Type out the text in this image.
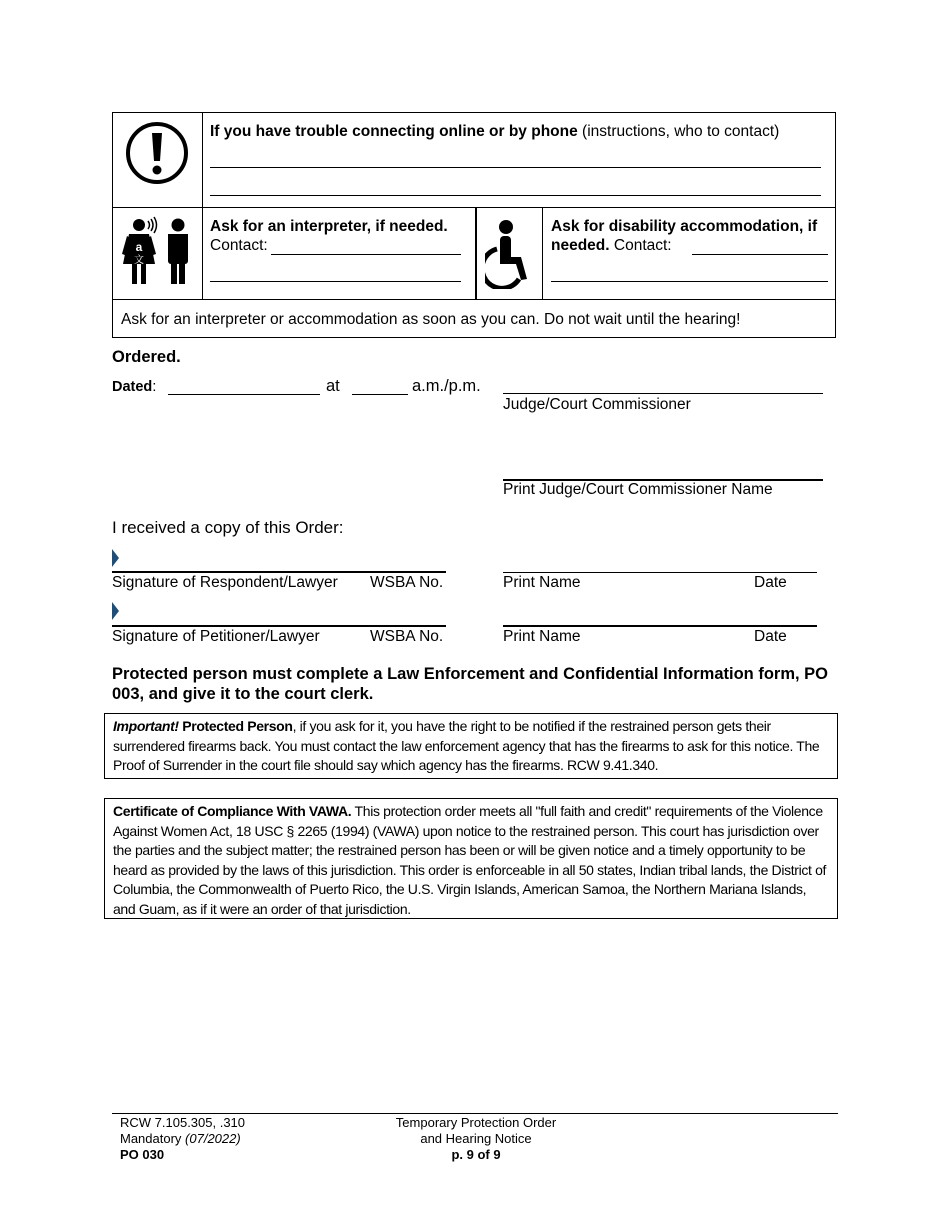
If you have trouble connecting online or by phone (instructions, who to contact)
a
文
Ask for an interpreter, if needed.
Contact:
Ask for disability accommodation, if needed. Contact:
Ask for an interpreter or accommodation as soon as you can. Do not wait until the hearing!
Ordered.
Dated:	at	a.m./p.m.
Judge/Court Commissioner
Print Judge/Court Commissioner Name
I received a copy of this Order:
Signature of Respondent/Lawyer WSBA No.	Print Name	Date
Signature of Petitioner/Lawyer	WSBA No.	Print Name	Date
Protected person must complete a Law Enforcement and Confidential Information form, PO 003, and give it to the court clerk.
Important! Protected Person, if you ask for it, you have the right to be notified if the restrained person gets their surrendered firearms back. You must contact the law enforcement agency that has the firearms to ask for this notice. The Proof of Surrender in the court file should say which agency has the firearms. RCW 9.41.340.
Certificate of Compliance With VAWA. This protection order meets all "full faith and credit" requirements of the Violence Against Women Act, 18 USC § 2265 (1994) (VAWA) upon notice to the restrained person. This court has jurisdiction over the parties and the subject matter; the restrained person has been or will be given notice and a timely opportunity to be heard as provided by the laws of this jurisdiction. This order is enforceable in all 50 states, Indian tribal lands, the District of Columbia, the Commonwealth of Puerto Rico, the U.S. Virgin Islands, American Samoa, the Northern Mariana Islands, and Guam, as if it were an order of that jurisdiction.
RCW 7.105.305, .310
Mandatory (07/2022)
PO 030
Temporary Protection Order
and Hearing Notice
p. 9 of 9
